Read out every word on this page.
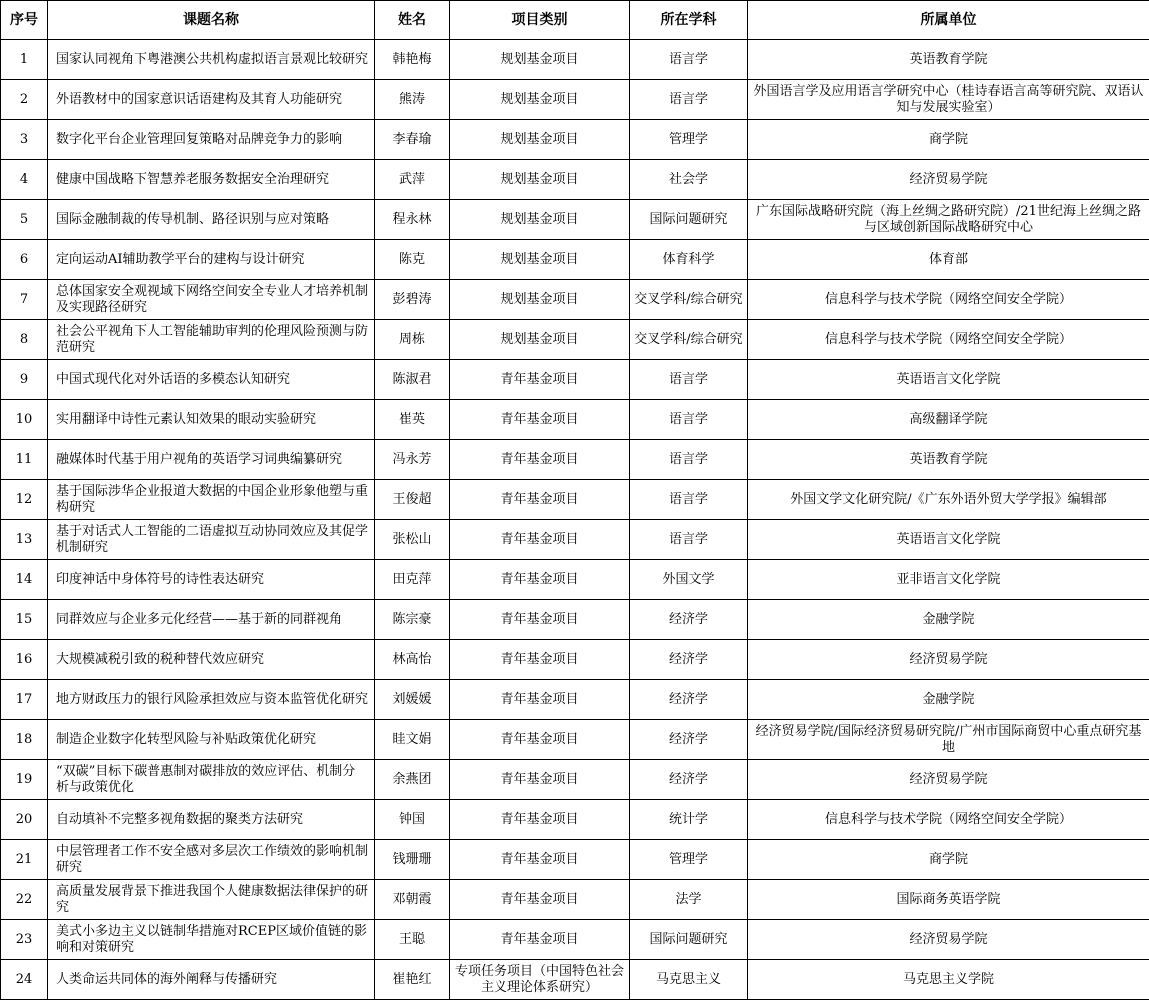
序号	课题名称	姓名	项目类别	所在学科	所属单位
1	国家认同视角下粤港澳公共机构虚拟语言景观比较研究	韩艳梅	规划基金项目	语言学	英语教育学院
2	外语教材中的国家意识话语建构及其育人功能研究	熊涛	规划基金项目	语言学	外国语言学及应用语言学研究中心（桂诗春语言高等研究院、双语认知与发展实验室）
3	数字化平台企业管理回复策略对品牌竞争力的影响	李春瑜	规划基金项目	管理学	商学院
4	健康中国战略下智慧养老服务数据安全治理研究	武萍	规划基金项目	社会学	经济贸易学院
5	国际金融制裁的传导机制、路径识别与应对策略	程永林	规划基金项目	国际问题研究	广东国际战略研究院（海上丝绸之路研究院）/21世纪海上丝绸之路与区域创新国际战略研究中心
6	定向运动AI辅助教学平台的建构与设计研究	陈克	规划基金项目	体育科学	体育部
7	总体国家安全观视域下网络空间安全专业人才培养机制及实现路径研究	彭碧涛	规划基金项目	交叉学科/综合研究	信息科学与技术学院（网络空间安全学院）
8	社会公平视角下人工智能辅助审判的伦理风险预测与防范研究	周栋	规划基金项目	交叉学科/综合研究	信息科学与技术学院（网络空间安全学院）
9	中国式现代化对外话语的多模态认知研究	陈淑君	青年基金项目	语言学	英语语言文化学院
10	实用翻译中诗性元素认知效果的眼动实验研究	崔英	青年基金项目	语言学	高级翻译学院
11	融媒体时代基于用户视角的英语学习词典编纂研究	冯永芳	青年基金项目	语言学	英语教育学院
12	基于国际涉华企业报道大数据的中国企业形象他塑与重构研究	王俊超	青年基金项目	语言学	外国文学文化研究院/《广东外语外贸大学学报》编辑部
13	基于对话式人工智能的二语虚拟互动协同效应及其促学机制研究	张松山	青年基金项目	语言学	英语语言文化学院
14	印度神话中身体符号的诗性表达研究	田克萍	青年基金项目	外国文学	亚非语言文化学院
15	同群效应与企业多元化经营——基于新的同群视角	陈宗豪	青年基金项目	经济学	金融学院
16	大规模减税引致的税种替代效应研究	林高怡	青年基金项目	经济学	经济贸易学院
17	地方财政压力的银行风险承担效应与资本监管优化研究	刘媛媛	青年基金项目	经济学	金融学院
18	制造企业数字化转型风险与补贴政策优化研究	眭文娟	青年基金项目	经济学	经济贸易学院/国际经济贸易研究院/广州市国际商贸中心重点研究基地
19	“双碳”目标下碳普惠制对碳排放的效应评估、机制分析与政策优化	余燕团	青年基金项目	经济学	经济贸易学院
20	自动填补不完整多视角数据的聚类方法研究	钟国	青年基金项目	统计学	信息科学与技术学院（网络空间安全学院）
21	中层管理者工作不安全感对多层次工作绩效的影响机制研究	钱珊珊	青年基金项目	管理学	商学院
22	高质量发展背景下推进我国个人健康数据法律保护的研究	邓朝霞	青年基金项目	法学	国际商务英语学院
23	美式小多边主义以链制华措施对RCEP区域价值链的影响和对策研究	王聪	青年基金项目	国际问题研究	经济贸易学院
24	人类命运共同体的海外阐释与传播研究	崔艳红	专项任务项目（中国特色社会主义理论体系研究）	马克思主义	马克思主义学院
